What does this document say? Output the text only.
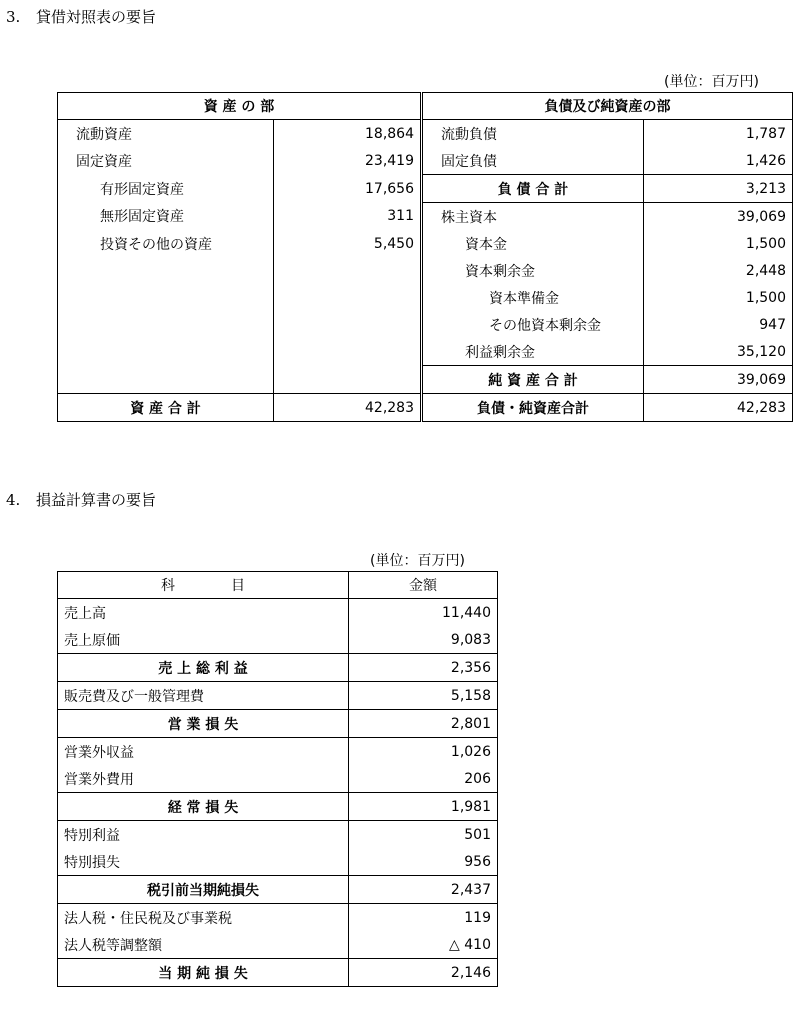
3. 貸借対照表の要旨
(単位：百万円)
資 産 の 部		負債及び純資産の部	
流動資産	18,864	流動負債	1,787
固定資産	23,419	固定負債	1,426
有形固定資産	17,656	負 債 合 計	3,213
無形固定資産	311	株主資本	39,069
投資その他の資産	5,450	資本金	1,500
		資本剰余金	2,448
		資本準備金	1,500
		その他資本剰余金	947
		利益剰余金	35,120
		純 資 産 合 計	39,069
資 産 合 計	42,283	負債・純資産合計	42,283
4. 損益計算書の要旨
(単位：百万円)
科　　　　目	金額
売上高	11,440
売上原価	9,083
売 上 総 利 益	2,356
販売費及び一般管理費	5,158
営 業 損 失	2,801
営業外収益	1,026
営業外費用	206
経 常 損 失	1,981
特別利益	501
特別損失	956
税引前当期純損失	2,437
法人税・住民税及び事業税	119
法人税等調整額	△ 410
当 期 純 損 失	2,146
